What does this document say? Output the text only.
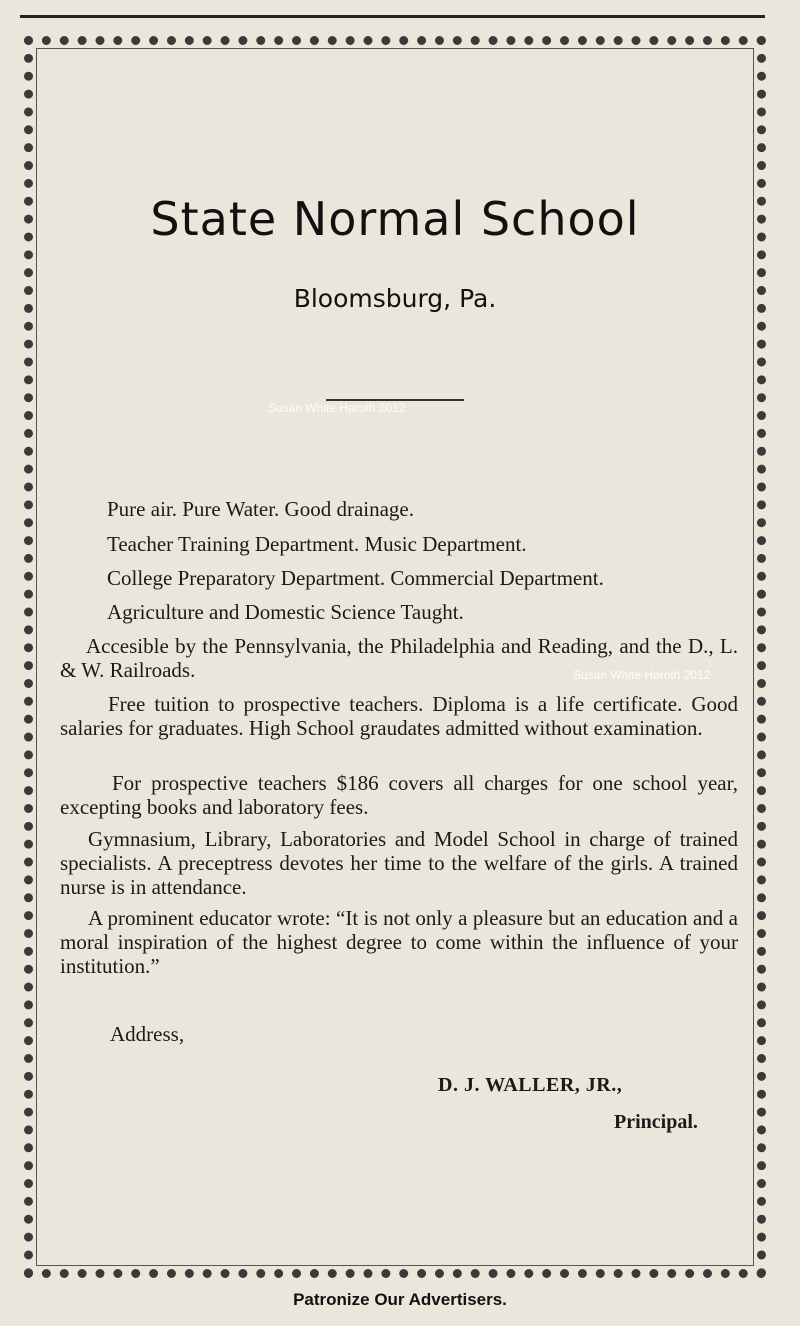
State Normal School
Bloomsburg, Pa.
Susan White Haroth 2012

Pure air. Pure Water. Good drainage.

Teacher Training Department. Music Department.

College Preparatory Department. Commercial Department.

Agriculture and Domestic Science Taught.

Accesible by the Pennsylvania, the Philadelphia and Reading, and the D., L. & W. Railroads.	Susan White Haroth 2012

Free tuition to prospective teachers. Diploma is a life certificate. Good salaries for graduates. High School graudates admitted without examination.

For prospective teachers $186 covers all charges for one school year, excepting books and laboratory fees.

Gymnasium, Library, Laboratories and Model School in charge of trained specialists. A preceptress devotes her time to the welfare of the girls. A trained nurse is in attendance.

A prominent educator wrote: “It is not only a pleasure but an education and a moral inspiration of the highest degree to come within the influence of your institution.”

Address,
D. J. WALLER, JR.,
Principal.
Patronize Our Advertisers.
